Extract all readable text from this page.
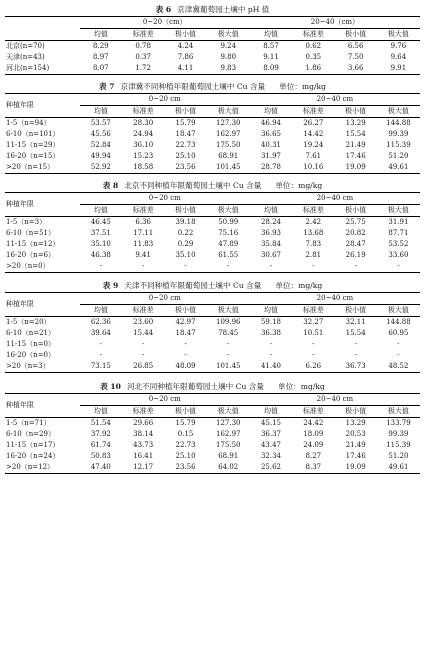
表 6 京津冀葡萄园土壤中 pH 值
	0~20（cm）				20~40（cm）			
	均值	标准差	极小值	极大值	均值	标准差	极小值	极大值
北京(n=70)	8.29	0.78	4.24	9.24	8.57	0.62	6.56	9.76
天津(n=43)	8.97	0.37	7.86	9.80	9.11	0.35	7.50	9.64
河北(n=154)	8.07	1.72	4.11	9.83	8.09	1.86	3.66	9.91
表 7 京津冀不同种植年限葡萄园土壤中 Cu 含量 单位：mg/kg
种植年限	0~20 cm				20~40 cm			
	均值	标准差	极小值	极大值	均值	标准差	极小值	极大值
1-5（n=94）	53.57	28.30	15.79	127.30	46.94	26.27	13.29	144.88
6-10（n=101）	45.56	24.94	18.47	162.97	36.65	14.42	15.54	99.39
11-15（n=29）	52.84	36.10	22.73	175.50	40.31	19.24	21.49	115.39
16-20（n=15）	49.94	15.23	25.10	68.91	31.97	7.61	17.46	51.20
>20（n=15）	52.92	18.58	23.56	101.45	28.78	10.16	19.09	49.61
表 8 北京不同种植年限葡萄园土壤中 Cu 含量 单位：mg/kg
种植年限	0~20 cm				20~40 cm			
	均值	标准差	极小值	极大值	均值	标准差	极小值	极大值
1-5（n=3）	46.45	6.36	39.18	50.99	28.24	2.42	25.75	31.91
6-10（n=51）	37.51	17.11	0.22	75.16	36.93	13.68	20.82	87.71
11-15（n=12）	35.10	11.83	0.29	47.89	35.84	7.83	28.47	53.52
16-20（n=6）	46.38	9.41	35.10	61.55	30.67	2.81	26.19	33.60
>20（n=0）	-	-	-	-	-	-	-	-
表 9 天津不同种植年限葡萄园土壤中 Cu 含量 单位：mg/kg
种植年限	0~20 cm				20~40 cm			
	均值	标准差	极小值	极大值	均值	标准差	极小值	极大值
1-5（n=20）	62.36	23.60	42.97	109.96	59.18	32.27	32.11	144.88
6-10（n=21）	39.64	15.44	18.47	78.45	36.38	10.51	15.54	60.95
11-15（n=0）	-	-	-	-	-	-	-	-
16-20（n=0）	-	-	-	-	-	-	-	-
>20（n=3）	73.15	26.85	48.09	101.45	41.40	6.26	36.73	48.52
表 10 河北不同种植年限葡萄园土壤中 Cu 含量 单位：mg/kg
种植年限	0~20 cm				20~40 cm			
	均值	标准差	极小值	极大值	均值	标准差	极小值	极大值
1-5（n=71）	51.54	29.66	15.79	127.30	45.15	24.42	13.29	133.79
6-10（n=29）	37.92	38.14	0.15	162.97	36.37	18.09	20.53	99.39
11-15（n=17）	61.74	43.73	22.73	175.50	43.47	24.09	21.49	115.39
16-20（n=24）	50.83	16.41	25.10	68.91	32.34	8.27	17.46	51.20
>20（n=12）	47.40	12.17	23.56	64.02	25.62	8.37	19.09	49.61
